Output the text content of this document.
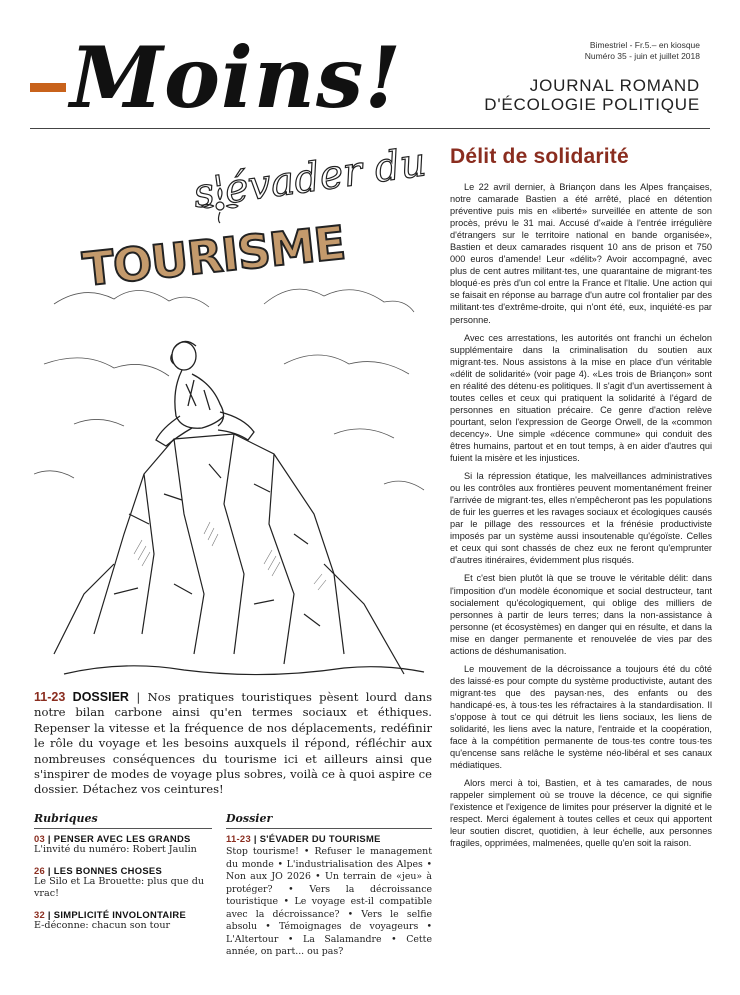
Moins!	Bimestriel - Fr.5.– en kiosque
Numéro 35 - juin et juillet 2018
JOURNAL ROMAND
D'ÉCOLOGIE POLITIQUE
s'évader du
TOURISME
Délit de solidarité

Le 22 avril dernier, à Briançon dans les Alpes françaises, notre camarade Bastien a été arrêté, placé en détention préventive puis mis en «liberté» surveillée en attente de son procès, prévu le 31 mai. Accusé d'«aide à l'entrée irrégulière d'étrangers sur le territoire national en bande organisée», Bastien et deux camarades risquent 10 ans de prison et 750 000 euros d'amende! Leur «délit»? Avoir accompagné, avec plus de cent autres militant·tes, une quarantaine de migrant·tes bloqué·es près d'un col entre la France et l'Italie. Une action qui se faisait en réponse au barrage d'un autre col frontalier par des militant·tes d'extrême-droite, qui n'ont été, eux, inquiété·es par personne.

Avec ces arrestations, les autorités ont franchi un échelon supplémentaire dans la criminalisation du soutien aux migrant·tes. Nous assistons à la mise en place d'un véritable «délit de solidarité» (voir page 4). «Les trois de Briançon» sont en réalité des détenu·es politiques. Il s'agit d'un avertissement à toutes celles et ceux qui pratiquent la solidarité à l'égard de personnes en situation précaire. Ce genre d'action relève pourtant, selon l'expression de George Orwell, de la «common decency». Une simple «décence commune» qui conduit des êtres humains, partout et en tout temps, à en aider d'autres qui fuient la misère et les injustices.

Si la répression étatique, les malveillances administratives ou les contrôles aux frontières peuvent momentanément freiner l'arrivée de migrant·tes, elles n'empêcheront pas les populations de fuir les guerres et les ravages sociaux et écologiques causés par le pillage des ressources et la frénésie productiviste imposés par un système aussi insoutenable qu'égoïste. Celles et ceux qui sont chassés de chez eux ne feront qu'emprunter d'autres itinéraires, évidemment plus risqués.

Et c'est bien plutôt là que se trouve le véritable délit: dans l'imposition d'un modèle économique et social destructeur, tant socialement qu'écologiquement, qui oblige des milliers de personnes à partir de leurs terres; dans la non-assistance à personne (et écosystèmes) en danger qui en résulte, et dans la mise en danger permanente et renouvelée de vies par des actions de déshumanisation.

Le mouvement de la décroissance a toujours été du côté des laissé·es pour compte du système productiviste, autant des migrant·tes que des paysan·nes, des enfants ou des handicapé·es, à tous·tes les réfractaires à la standardisation. Il s'oppose à tout ce qui détruit les liens sociaux, les liens de solidarité, les liens avec la nature, l'entraide et la coopération, face à la compétition permanente de tous·tes contre tous·tes qu'encense sans relâche le système néo-libéral et ses canaux médiatiques.

Alors merci à toi, Bastien, et à tes camarades, de nous rappeler simplement où se trouve la décence, ce qui signifie l'existence et l'exigence de limites pour préserver la dignité et le respect. Merci également à toutes celles et ceux qui apportent leur soutien discret, quotidien, à leur échelle, aux personnes fragiles, opprimées, malmenées, quelle qu'en soit la raison.

11-23 DOSSIER | Nos pratiques touristiques pèsent lourd dans notre bilan carbone ainsi qu'en termes sociaux et éthiques. Repenser la vitesse et la fréquence de nos déplacements, redéfinir le rôle du voyage et les besoins auxquels il répond, réfléchir aux nombreuses conséquences du tourisme ici et ailleurs ainsi que s'inspirer de modes de voyage plus sobres, voilà ce à quoi aspire ce dossier. Détachez vos ceintures!
Rubriques
03 | PENSER AVEC LES GRANDS
L'invité du numéro: Robert Jaulin
26 | LES BONNES CHOSES
Le Silo et La Brouette: plus que du vrac!
32 | SIMPLICITÉ INVOLONTAIRE
E-déconne: chacun son tour
Dossier
11-23 | S'ÉVADER DU TOURISME
Stop tourisme! • Refuser le management du monde • L'industrialisation des Alpes • Non aux JO 2026 • Un terrain de «jeu» à protéger? • Vers la décroissance touristique • Le voyage est-il compatible avec la décroissance? • Vers le selfie absolu • Témoignages de voyageurs • L'Altertour • La Salamandre • Cette année, on part... ou pas?
